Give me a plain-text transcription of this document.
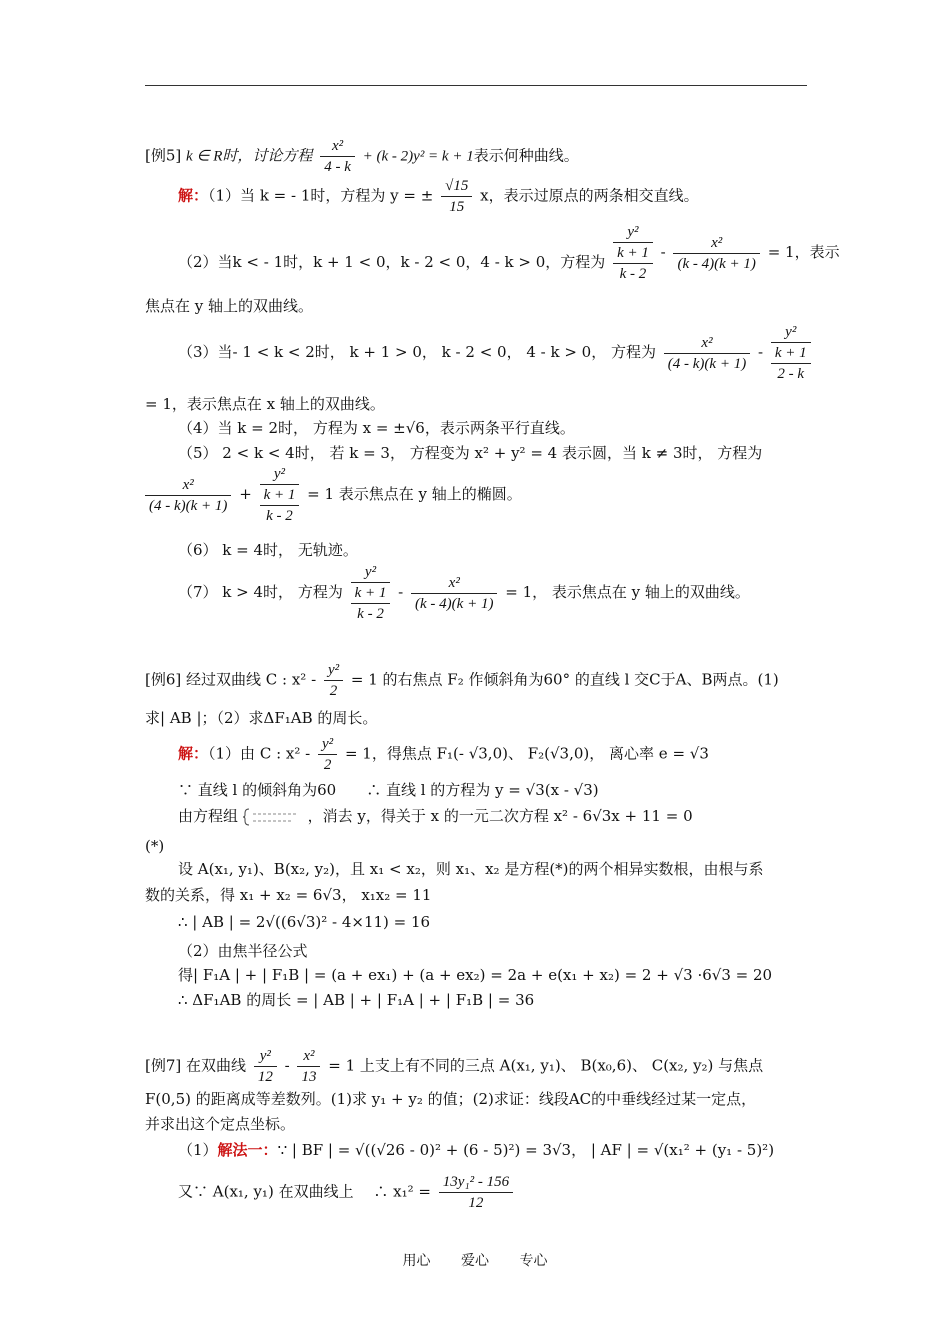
[例5] k ∈ R时，讨论方程 $\frac{\text{x²}}{4 - k} + (k - 2)y^2 = k + 1$表示何种曲线。
解：（1）当 k = - 1时，方程为 y = ± $\frac{√15}{15}$ x，表示过原点的两条相交直线。
（2）当k < - 1时，k + 1 < 0，k - 2 < 0，4 - k > 0，方程为
y²
k + 1
k - 2
- $\frac{\text{x²}}{(k - 4)(k + 1)} = 1$，表示
焦点在 y 轴上的双曲线。
（3）当- 1 < k < 2时， k + 1 > 0， k - 2 < 0， 4 - k > 0， 方程为 $\frac{\text{x²}}{(4 - k)(k + 1)}$ -
y²
k + 1
2 - k
= 1，表示焦点在 x 轴上的双曲线。
（4）当 k = 2时， 方程为 x = ±√6，表示两条平行直线。
（5） 2 < k < 4时， 若 k = 3， 方程变为 x² + y² = 4 表示圆，当 k ≠ 3时， 方程为
$\frac{\text{x²}}{(4 - k)(k + 1)}$ +
y²
k + 1
k - 2
= 1 表示焦点在 y 轴上的椭圆。
（6） k = 4时， 无轨迹。
（7） k > 4时， 方程为
y²
k + 1
k - 2
- $\frac{\text{x²}}{(k - 4)(k + 1)} = 1$， 表示焦点在 y 轴上的双曲线。
[例6] 经过双曲线 C : $x^2 - \frac{\text{y²}}{2} = 1$ 的右焦点 F₂ 作倾斜角为60° 的直线 l 交C于A、B两点。(1)
求| AB |；（2）求ΔF₁AB 的周长。
解：（1）由 C : $x^2 - \frac{\text{y²}}{2} = 1$，得焦点 F₁(- √3,0)、 F₂(√3,0)， 离心率 e = √3
∵ 直线 l 的倾斜角为60　　∴ 直线 l 的方程为 y = √3(x - √3)
由方程组	，消去 y，得关于 x 的一元二次方程 x² - 6√3x + 11 = 0
(*)
设 A(x₁, y₁)、B(x₂, y₂)，且 x₁ < x₂，则 x₁、x₂ 是方程(*)的两个相异实数根，由根与系
数的关系，得 x₁ + x₂ = 6√3， x₁x₂ = 11
∴ | AB | = 2√((6√3)² - 4×11) = 16
（2）由焦半径公式
得| F₁A | + | F₁B | = (a + ex₁) + (a + ex₂) = 2a + e(x₁ + x₂) = 2 + √3 ·6√3 = 20
∴ ΔF₁AB 的周长 = | AB | + | F₁A | + | F₁B | = 36
[例7] 在双曲线 $\frac{\text{y²}}{12} - \frac{\text{x²}}{13} = 1$ 上支上有不同的三点 A(x₁, y₁)、 B(x₀,6)、 C(x₂, y₂) 与焦点
F(0,5) 的距离成等差数列。(1)求 y₁ + y₂ 的值；(2)求证：线段AC的中垂线经过某一定点，
并求出这个定点坐标。
（1）解法一：∵ | BF | = √((√26 - 0)² + (6 - 5)²) = 3√3， | AF | = √(x₁² + (y₁ - 5)²)
又∵ A(x₁, y₁) 在双曲线上　 ∴ $x_1^2 = \frac{\text{13y₁² - 156}}{12}$
用心 爱心 专心
